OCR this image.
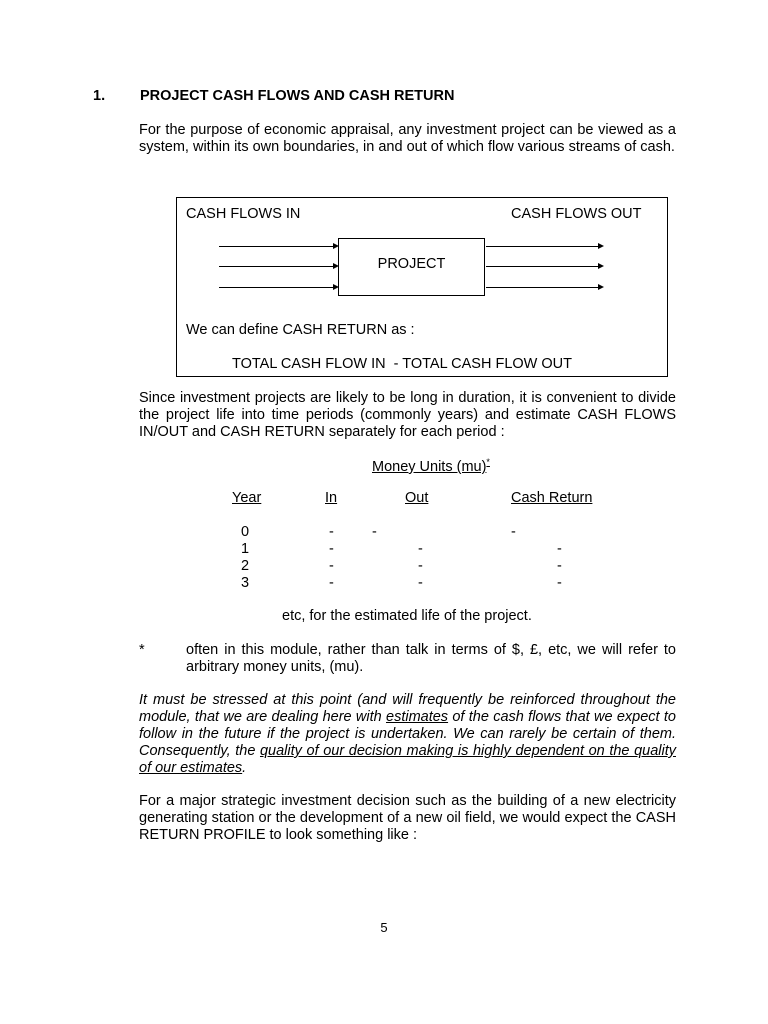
1. PROJECT CASH FLOWS AND CASH RETURN
For the purpose of economic appraisal, any investment project can be viewed as a system, within its own boundaries, in and out of which flow various streams of cash.
CASH FLOWS IN	CASH FLOWS OUT
PROJECT
We can define CASH RETURN as :
TOTAL CASH FLOW IN  - TOTAL CASH FLOW OUT
Since investment projects are likely to be long in duration, it is convenient to divide the project life into time periods (commonly years) and estimate CASH FLOWS IN/OUT and CASH RETURN separately for each period :
Money Units (mu)*
Year	In	Out	Cash Return
0	-	-	-
1	-	-	-
2	-	-	-
3	-	-	-
etc, for the estimated life of the project.
*	often in this module, rather than talk in terms of $, £, etc, we will refer to arbitrary money units, (mu).
It must be stressed at this point (and will frequently be reinforced throughout the module, that we are dealing here with estimates of the cash flows that we expect to follow in the future if the project is undertaken. We can rarely be certain of them. Consequently, the quality of our decision making is highly dependent on the quality of our estimates.
For a major strategic investment decision such as the building of a new electricity generating station or the development of a new oil field, we would expect the CASH RETURN PROFILE to look something like :
5
